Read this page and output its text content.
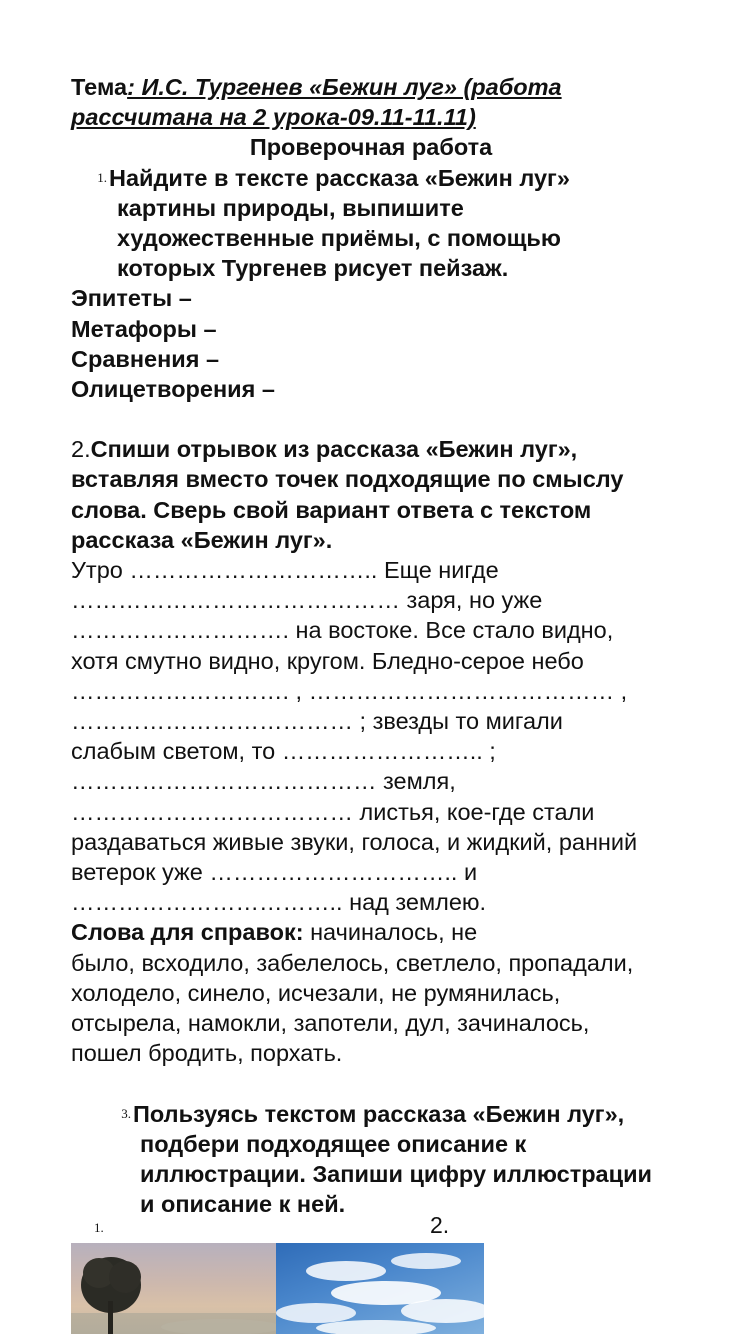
Тема: И.С. Тургенев «Бежин луг» (работа
рассчитана на 2 урока-09.11-11.11)
Проверочная работа
1. Найдите в тексте рассказа «Бежин луг»
картины природы, выпишите
художественные приёмы, с помощью
которых Тургенев рисует пейзаж.
Эпитеты –
Метафоры –
Сравнения –
Олицетворения –
2.Спиши отрывок из рассказа «Бежин луг»,
вставляя вместо точек подходящие по смыслу
слова. Сверь свой вариант ответа с текстом
рассказа «Бежин луг».
Утро ………………………….. Еще нигде
…………………………………… заря, но уже
………………………. на востоке. Все стало видно,
хотя смутно видно, кругом. Бледно-серое небо
………………………. , ………………………………… ,
……………………………… ; звезды то мигали
слабым светом, то …………………….. ;
………………………………… земля,
……………………………… листья, кое-где стали
раздаваться живые звуки, голоса, и жидкий, ранний
ветерок уже ………………………….. и
…………………………….. над землею.
Слова для справок: начиналось, не
было, всходило, забелелось, светлело, пропадали,
холодело, синело, исчезали, не румянилась,
отсырела, намокли, запотели, дул, зачиналось,
пошел бродить, порхать.
3. Пользуясь текстом рассказа «Бежин луг»,
подбери подходящее описание к
иллюстрации. Запиши цифру иллюстрации
и описание к ней.
1.	2.
